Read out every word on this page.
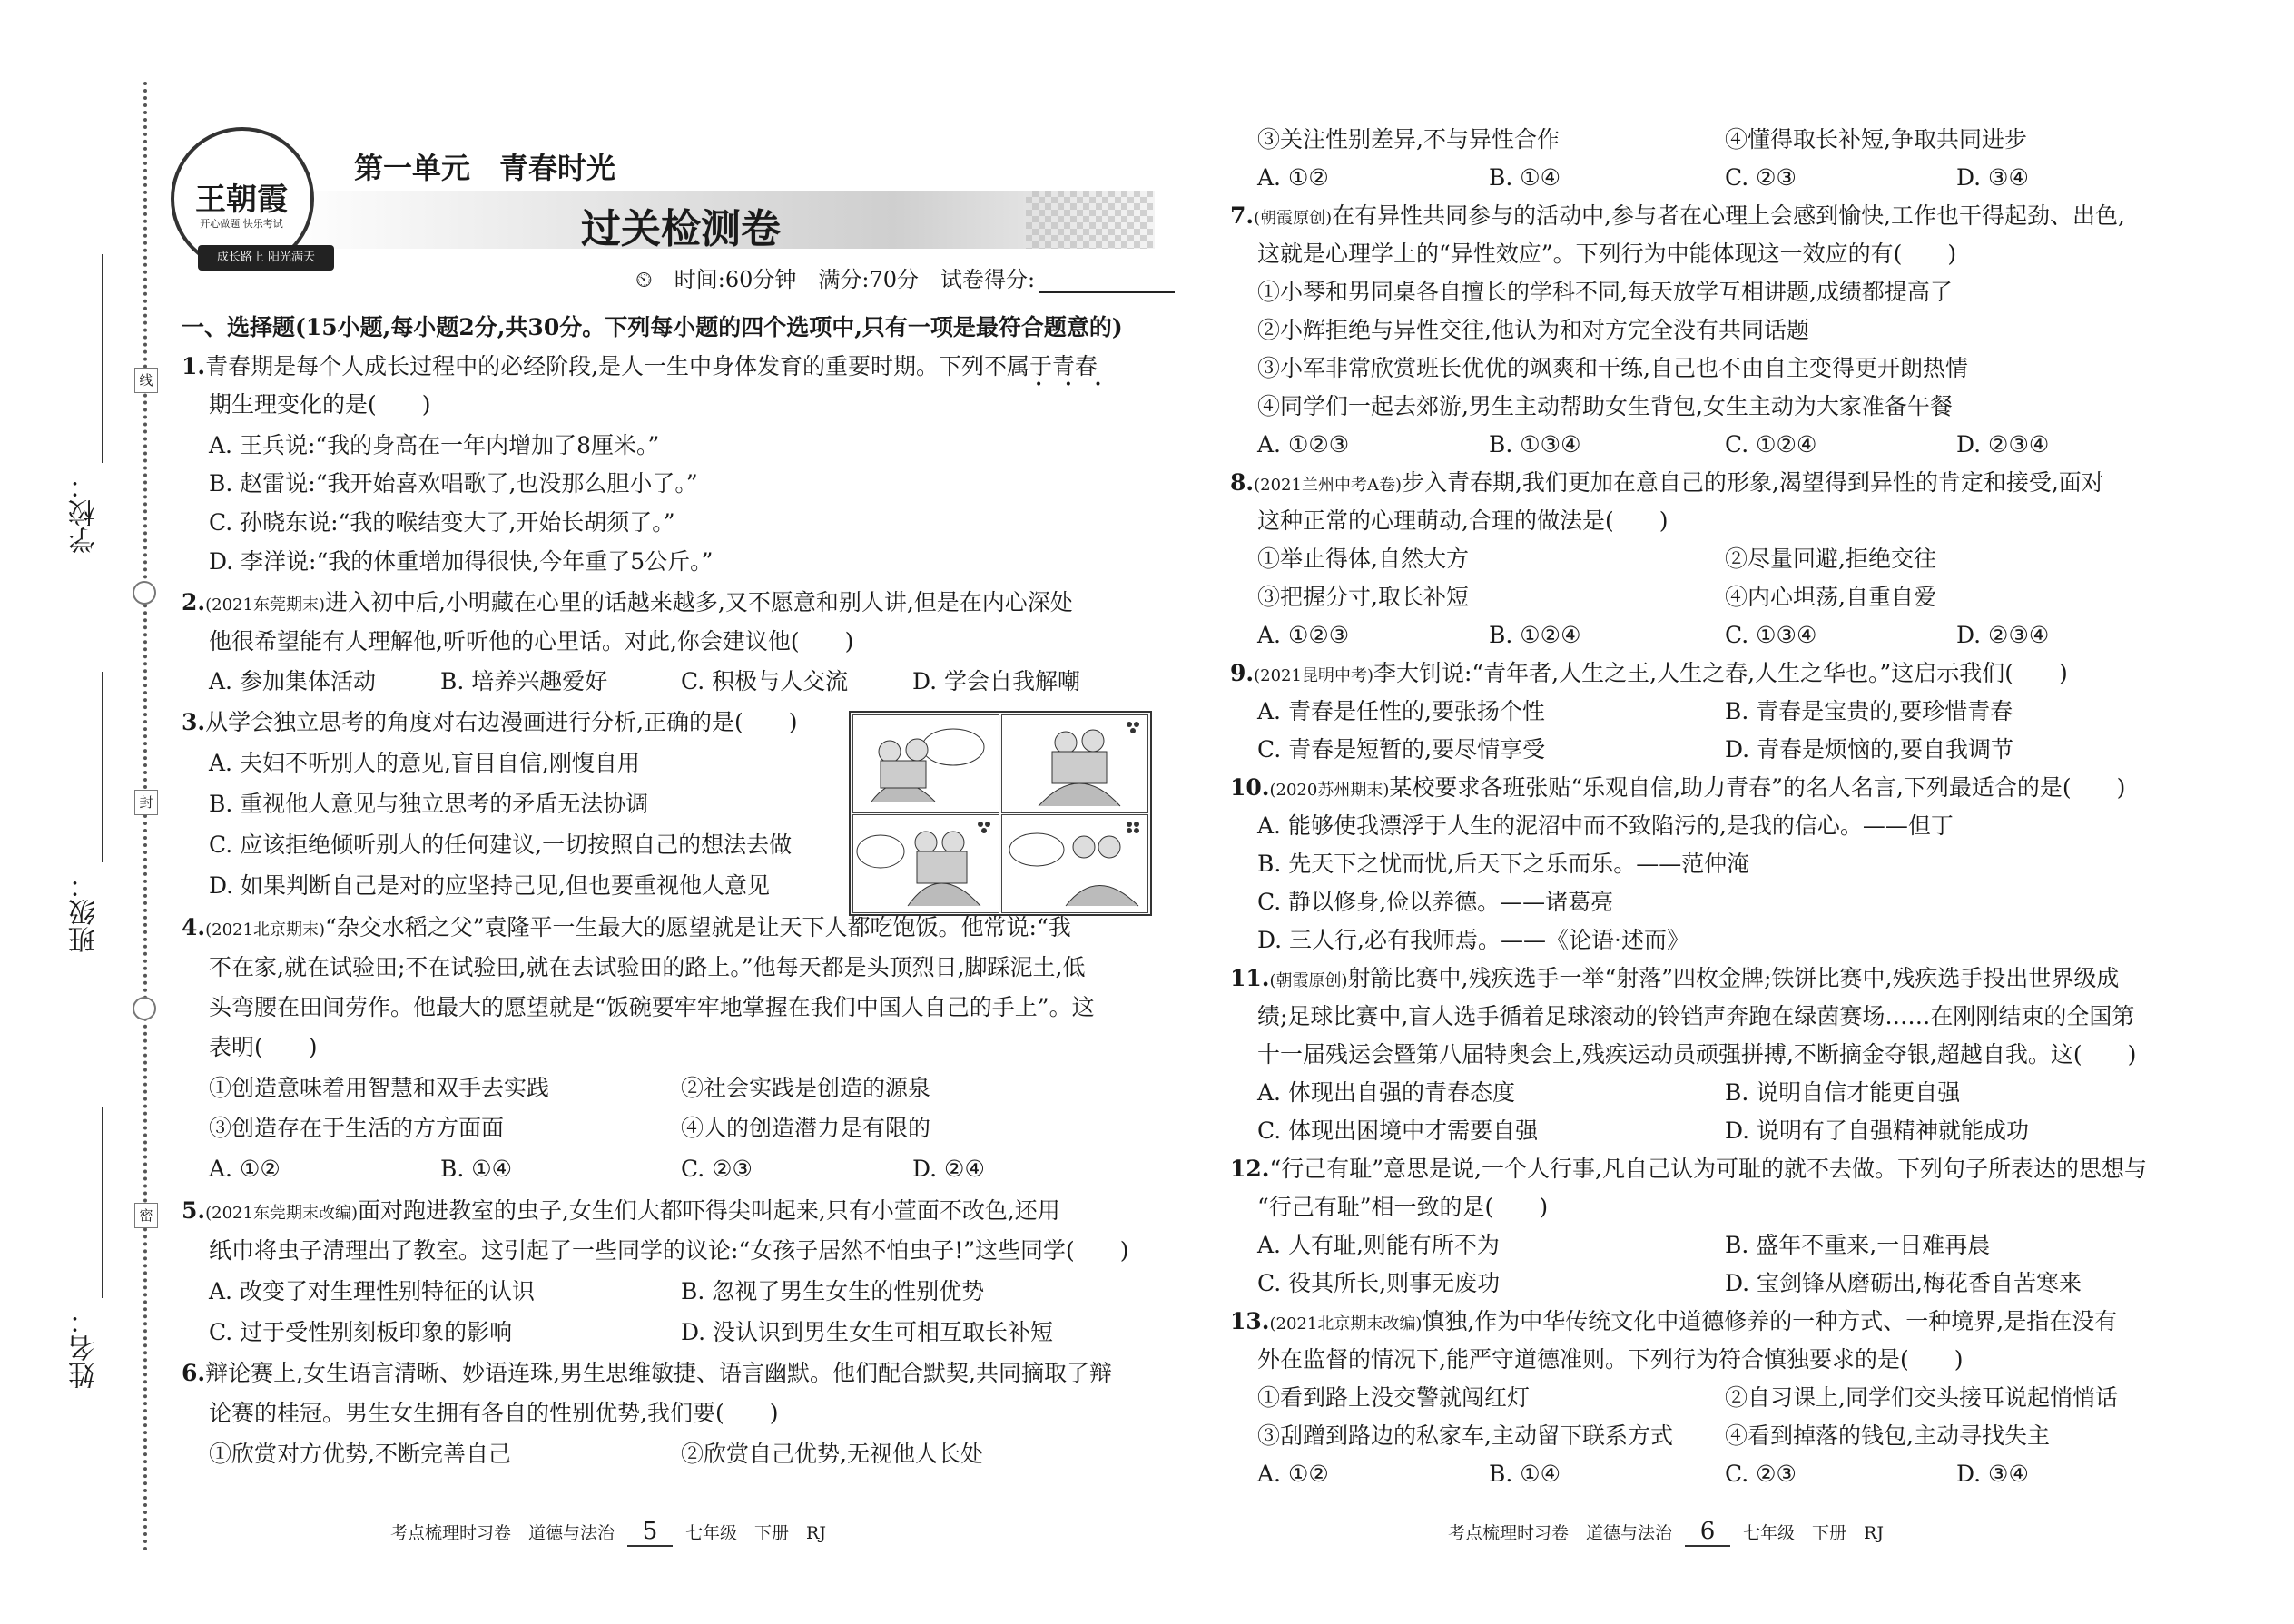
线
封
密
学校：
班级：
姓名：
王朝霞
开心做题 快乐考试
成长路上 阳光满天
第一单元　青春时光
过关检测卷
⏲ 时间:60分钟 满分:70分 试卷得分:
一、选择题(15小题,每小题2分,共30分。下列每小题的四个选项中,只有一项是最符合题意的)
1.青春期是每个人成长过程中的必经阶段,是人一生中身体发育的重要时期。下列不属于青春
• • •
期生理变化的是(　　)
A. 王兵说:“我的身高在一年内增加了8厘米。”
B. 赵雷说:“我开始喜欢唱歌了,也没那么胆小了。”
C. 孙晓东说:“我的喉结变大了,开始长胡须了。”
D. 李洋说:“我的体重增加得很快,今年重了5公斤。”
2.(2021东莞期末)进入初中后,小明藏在心里的话越来越多,又不愿意和别人讲,但是在内心深处
他很希望能有人理解他,听听他的心里话。对此,你会建议他(　　)
A. 参加集体活动	B. 培养兴趣爱好	C. 积极与人交流	D. 学会自我解嘲
3.从学会独立思考的角度对右边漫画进行分析,正确的是(　　)
A. 夫妇不听别人的意见,盲目自信,刚愎自用
B. 重视他人意见与独立思考的矛盾无法协调
C. 应该拒绝倾听别人的任何建议,一切按照自己的想法去做
D. 如果判断自己是对的应坚持己见,但也要重视他人意见
4.(2021北京期末)“杂交水稻之父”袁隆平一生最大的愿望就是让天下人都吃饱饭。他常说:“我
不在家,就在试验田;不在试验田,就在去试验田的路上。”他每天都是头顶烈日,脚踩泥土,低
头弯腰在田间劳作。他最大的愿望就是“饭碗要牢牢地掌握在我们中国人自己的手上”。这
表明(　　)
①创造意味着用智慧和双手去实践	②社会实践是创造的源泉
③创造存在于生活的方方面面	④人的创造潜力是有限的
A. ①②	B. ①④	C. ②③	D. ②④
5.(2021东莞期末改编)面对跑进教室的虫子,女生们大都吓得尖叫起来,只有小萱面不改色,还用
纸巾将虫子清理出了教室。这引起了一些同学的议论:“女孩子居然不怕虫子!”这些同学(　　)
A. 改变了对生理性别特征的认识	B. 忽视了男生女生的性别优势
C. 过于受性别刻板印象的影响	D. 没认识到男生女生可相互取长补短
6.辩论赛上,女生语言清晰、妙语连珠,男生思维敏捷、语言幽默。他们配合默契,共同摘取了辩
论赛的桂冠。男生女生拥有各自的性别优势,我们要(　　)
①欣赏对方优势,不断完善自己	②欣赏自己优势,无视他人长处
考点梳理时习卷　道德与法治 5 七年级　下册　RJ
③关注性别差异,不与异性合作	④懂得取长补短,争取共同进步
A. ①②	B. ①④	C. ②③	D. ③④
7.(朝霞原创)在有异性共同参与的活动中,参与者在心理上会感到愉快,工作也干得起劲、出色,
这就是心理学上的“异性效应”。下列行为中能体现这一效应的有(　　)
①小琴和男同桌各自擅长的学科不同,每天放学互相讲题,成绩都提高了
②小辉拒绝与异性交往,他认为和对方完全没有共同话题
③小军非常欣赏班长优优的飒爽和干练,自己也不由自主变得更开朗热情
④同学们一起去郊游,男生主动帮助女生背包,女生主动为大家准备午餐
A. ①②③	B. ①③④	C. ①②④	D. ②③④
8.(2021兰州中考A卷)步入青春期,我们更加在意自己的形象,渴望得到异性的肯定和接受,面对
这种正常的心理萌动,合理的做法是(　　)
①举止得体,自然大方	②尽量回避,拒绝交往
③把握分寸,取长补短	④内心坦荡,自重自爱
A. ①②③	B. ①②④	C. ①③④	D. ②③④
9.(2021昆明中考)李大钊说:“青年者,人生之王,人生之春,人生之华也。”这启示我们(　　)
A. 青春是任性的,要张扬个性	B. 青春是宝贵的,要珍惜青春
C. 青春是短暂的,要尽情享受	D. 青春是烦恼的,要自我调节
10.(2020苏州期末)某校要求各班张贴“乐观自信,助力青春”的名人名言,下列最适合的是(　　)
A. 能够使我漂浮于人生的泥沼中而不致陷污的,是我的信心。——但丁
B. 先天下之忧而忧,后天下之乐而乐。——范仲淹
C. 静以修身,俭以养德。——诸葛亮
D. 三人行,必有我师焉。——《论语·述而》
11.(朝霞原创)射箭比赛中,残疾选手一举“射落”四枚金牌;铁饼比赛中,残疾选手投出世界级成
绩;足球比赛中,盲人选手循着足球滚动的铃铛声奔跑在绿茵赛场……在刚刚结束的全国第
十一届残运会暨第八届特奥会上,残疾运动员顽强拼搏,不断摘金夺银,超越自我。这(　　)
A. 体现出自强的青春态度	B. 说明自信才能更自强
C. 体现出困境中才需要自强	D. 说明有了自强精神就能成功
12.“行己有耻”意思是说,一个人行事,凡自己认为可耻的就不去做。下列句子所表达的思想与
“行己有耻”相一致的是(　　)
A. 人有耻,则能有所不为	B. 盛年不重来,一日难再晨
C. 役其所长,则事无废功	D. 宝剑锋从磨砺出,梅花香自苦寒来
13.(2021北京期末改编)慎独,作为中华传统文化中道德修养的一种方式、一种境界,是指在没有
外在监督的情况下,能严守道德准则。下列行为符合慎独要求的是(　　)
①看到路上没交警就闯红灯	②自习课上,同学们交头接耳说起悄悄话
③刮蹭到路边的私家车,主动留下联系方式 ④看到掉落的钱包,主动寻找失主
A. ①②	B. ①④	C. ②③	D. ③④
考点梳理时习卷　道德与法治 6 七年级　下册　RJ
